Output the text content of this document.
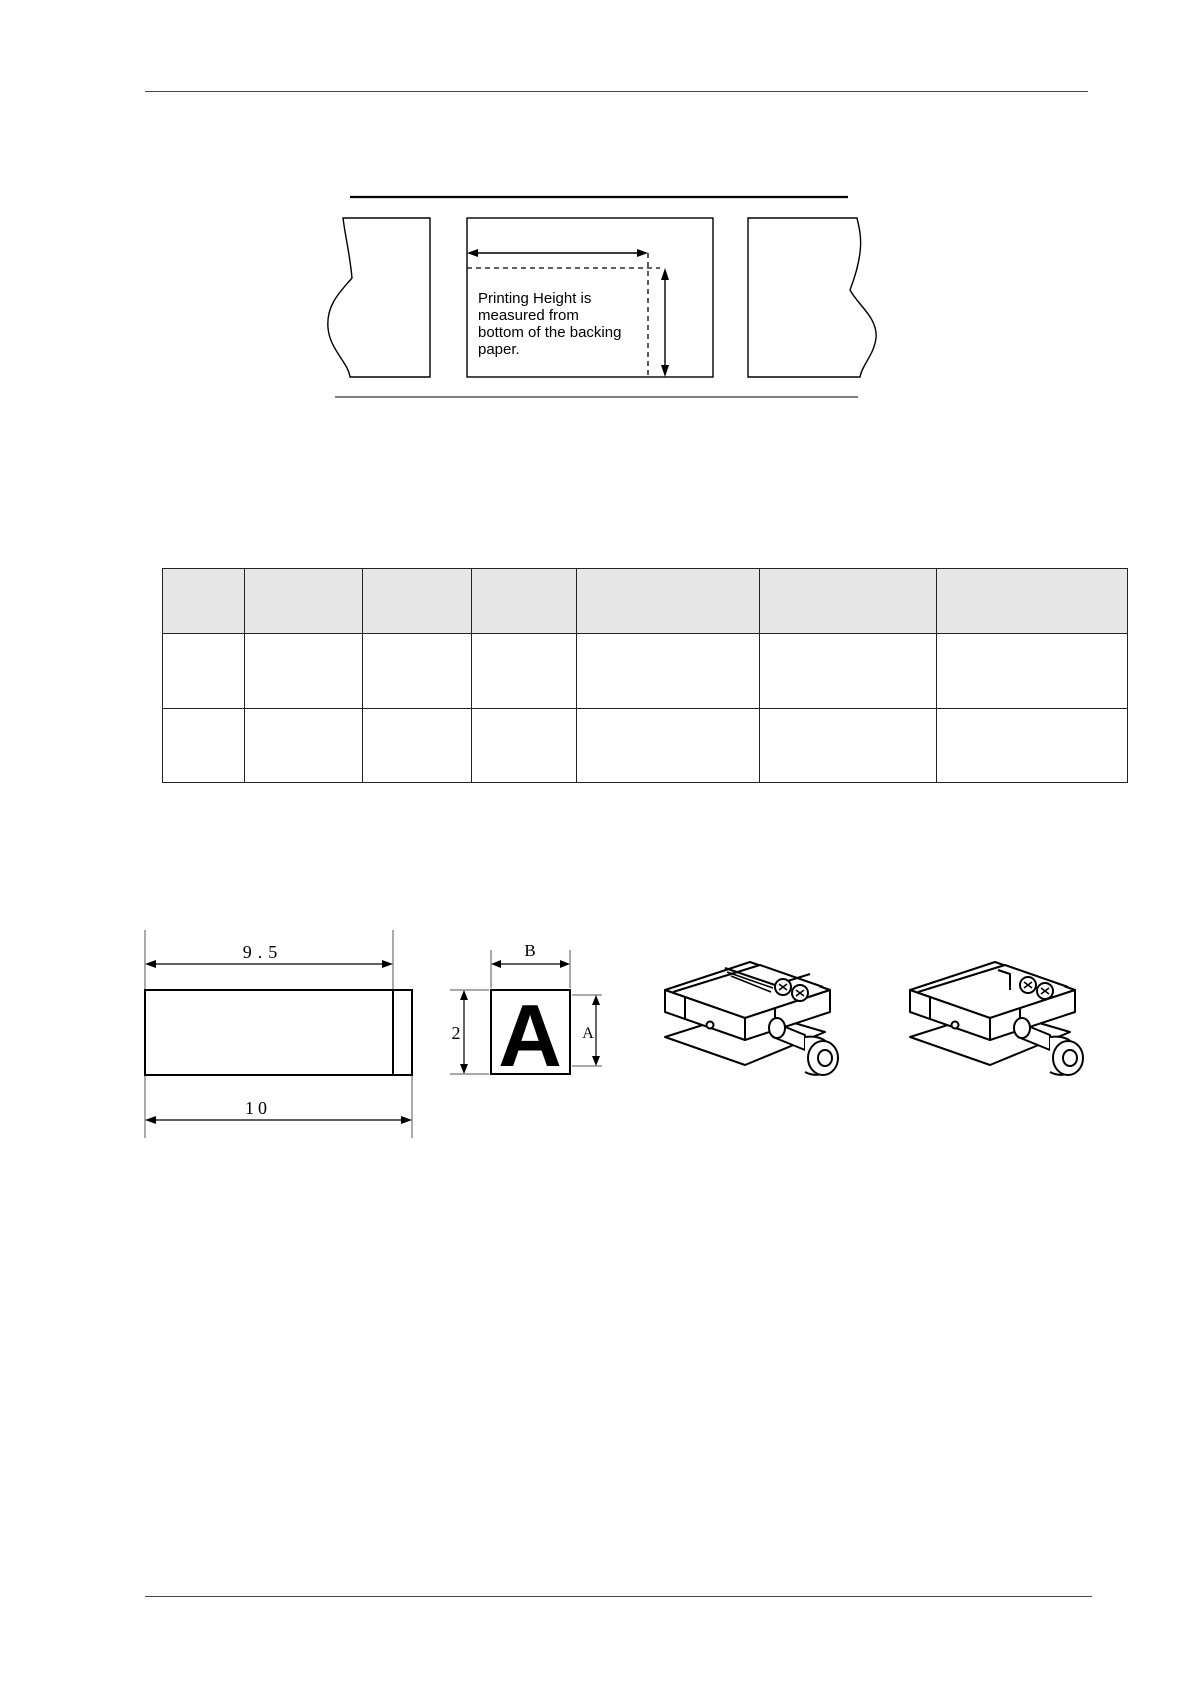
Printing Height is measured from bottom of the backing paper.

9.5
10
B
A
2	A
